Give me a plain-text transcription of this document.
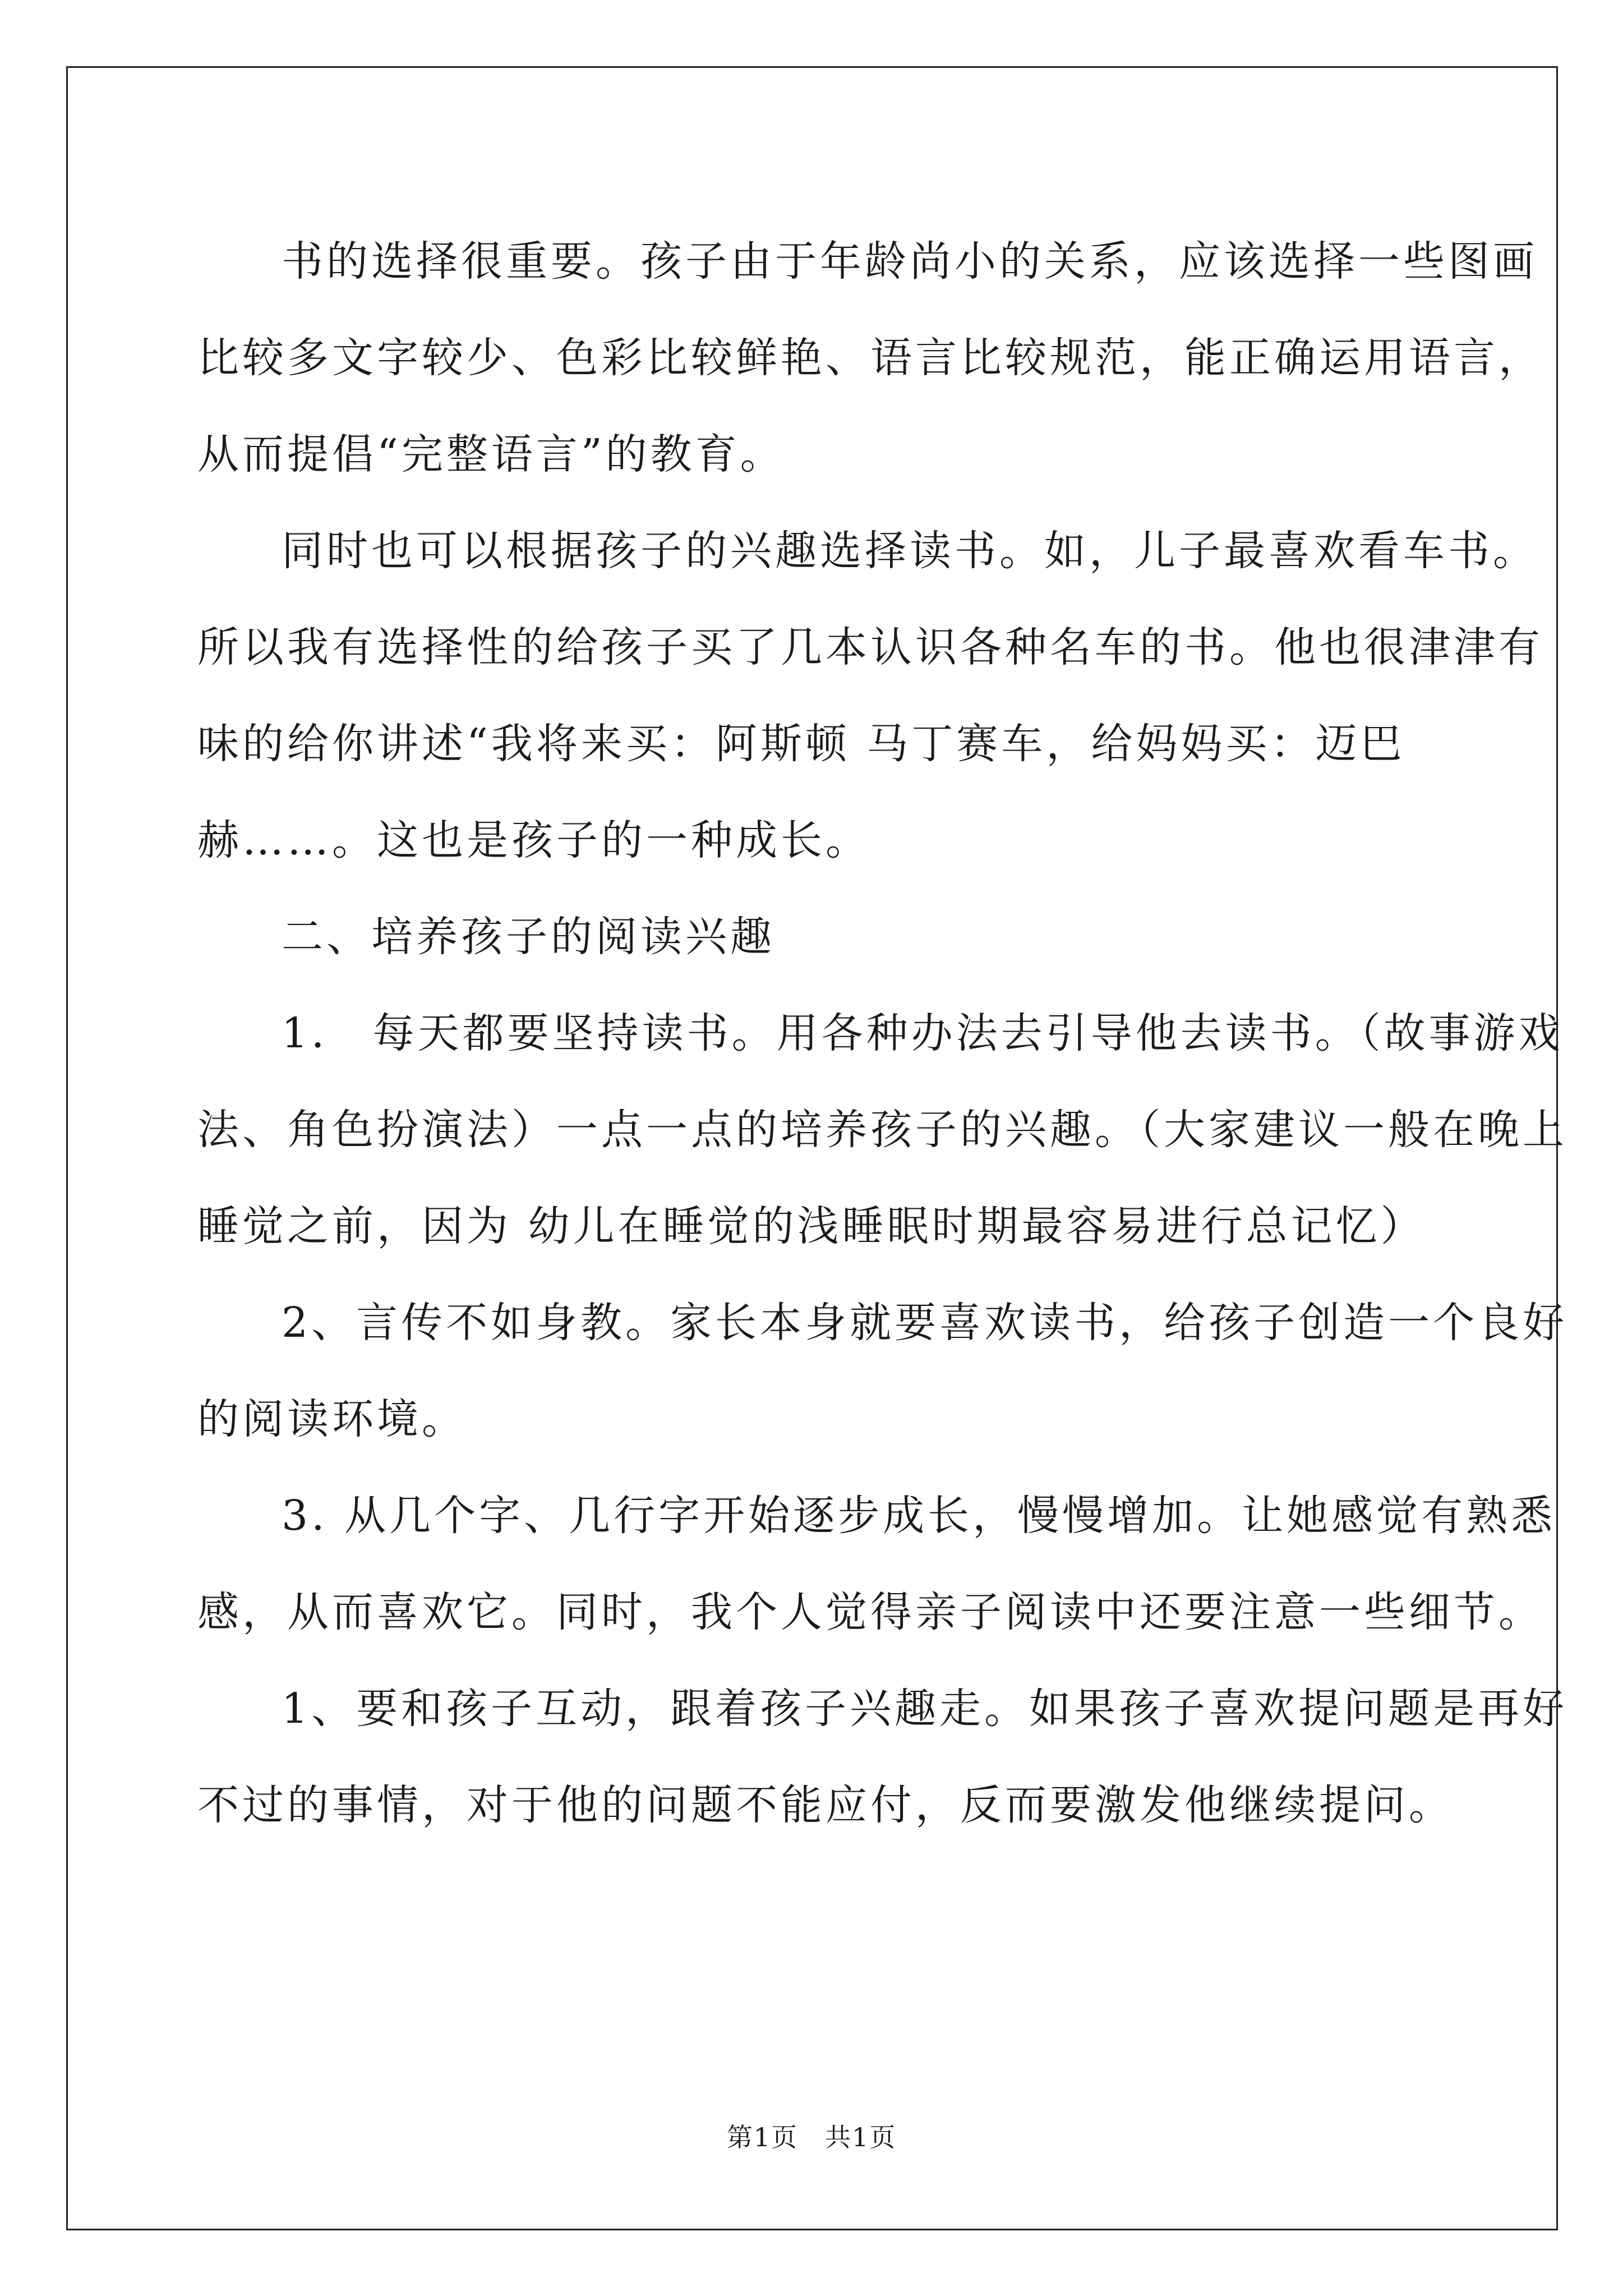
书的选择很重要。孩子由于年龄尚小的关系，应该选择一些图画
比较多文字较少、色彩比较鲜艳、语言比较规范，能正确运用语言，
从而提倡“完整语言”的教育。
同时也可以根据孩子的兴趣选择读书。如，儿子最喜欢看车书。
所以我有选择性的给孩子买了几本认识各种名车的书。他也很津津有
味的给你讲述“我将来买：阿斯顿 马丁赛车，给妈妈买：迈巴
赫……。这也是孩子的一种成长。
二、培养孩子的阅读兴趣
1． 每天都要坚持读书。用各种办法去引导他去读书。（故事游戏
法、角色扮演法）一点一点的培养孩子的兴趣。（大家建议一般在晚上
睡觉之前，因为 幼儿在睡觉的浅睡眠时期最容易进行总记忆）
2、言传不如身教。家长本身就要喜欢读书，给孩子创造一个良好
的阅读环境。
3. 从几个字、几行字开始逐步成长，慢慢增加。让她感觉有熟悉
感，从而喜欢它。同时，我个人觉得亲子阅读中还要注意一些细节。
1、要和孩子互动，跟着孩子兴趣走。如果孩子喜欢提问题是再好
不过的事情，对于他的问题不能应付，反而要激发他继续提问。
第1页 共1页
